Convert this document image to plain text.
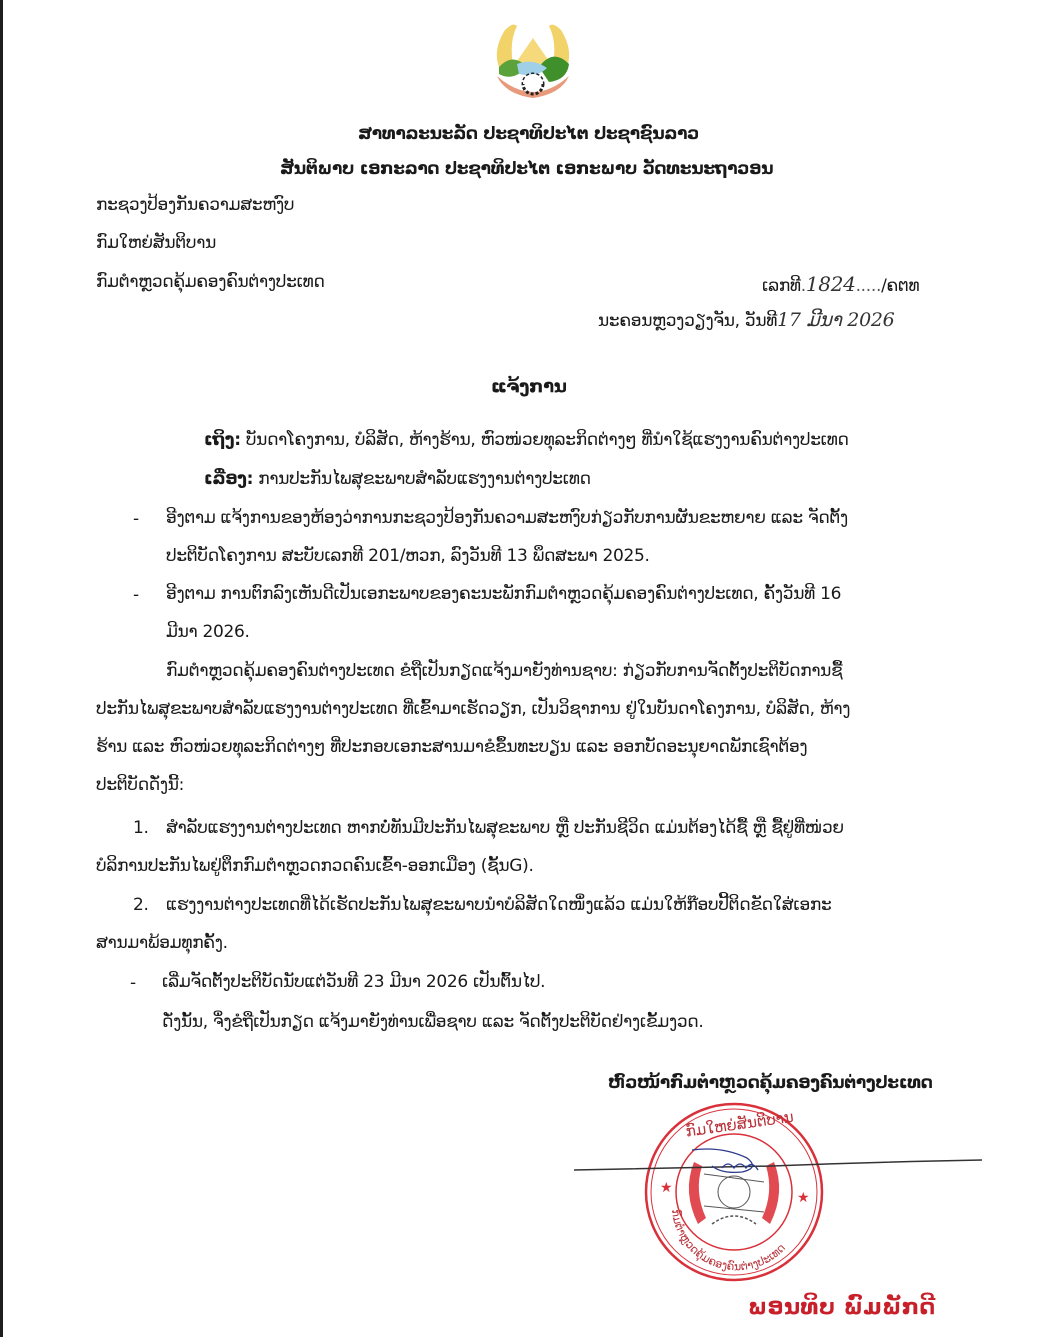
ສາທາລະນະລັດ ປະຊາທິປະໄຕ ປະຊາຊົນລາວ
ສັນຕິພາບ ເອກະລາດ ປະຊາທິປະໄຕ ເອກະພາບ ວັດທະນະຖາວອນ
ກະຊວງປ້ອງກັນຄວາມສະຫງົບ
ກົມໃຫຍ່ສັນຕິບານ
ກົມຕໍາຫຼວດຄຸ້ມຄອງຄົນຕ່າງປະເທດ	ເລກທີ.1824...../ຄຕທ
ນະຄອນຫຼວງວຽງຈັນ, ວັນທີ17 ມີນາ 2026
ແຈ້ງການ
ເຖິງ: ບັນດາໂຄງການ, ບໍລິສັດ, ຫ້າງຮ້ານ, ຫົວໜ່ວຍທຸລະກິດຕ່າງໆ ທີ່ນໍາໃຊ້ແຮງງານຄົນຕ່າງປະເທດ
ເລື່ອງ: ການປະກັນໄພສຸຂະພາບສໍາລັບແຮງງານຕ່າງປະເທດ
- ອີງຕາມ ແຈ້ງການຂອງຫ້ອງວ່າການກະຊວງປ້ອງກັນຄວາມສະຫງົບກ່ຽວກັບການຜັນຂະຫຍາຍ ແລະ ຈັດຕັ້ງ
ປະຕິບັດໂຄງການ ສະບັບເລກທີ 201/ຫວກ, ລົງວັນທີ 13 ພຶດສະພາ 2025.
- ອີງຕາມ ການຕົກລົງເຫັນດີເປັນເອກະພາບຂອງຄະນະພັກກົມຕໍາຫຼວດຄຸ້ມຄອງຄົນຕ່າງປະເທດ, ຄັ້ງວັນທີ 16
ມີນາ 2026.
ກົມຕໍາຫຼວດຄຸ້ມຄອງຄົນຕ່າງປະເທດ ຂໍຖືເປັນກຽດແຈ້ງມາຍັງທ່ານຊາບ: ກ່ຽວກັບການຈັດຕັ້ງປະຕິບັດການຊື້
ປະກັນໄພສຸຂະພາບສໍາລັບແຮງງານຕ່າງປະເທດ ທີ່ເຂົ້າມາເຮັດວຽກ, ເປັນວິຊາການ ຢູ່ໃນບັນດາໂຄງການ, ບໍລິສັດ, ຫ້າງ
ຮ້ານ ແລະ ຫົວໜ່ວຍທຸລະກິດຕ່າງໆ ທີ່ປະກອບເອກະສານມາຂໍຂຶ້ນທະບຽນ ແລະ ອອກບັດອະນຸຍາດພັກເຊົາຕ້ອງ
ປະຕິບັດດັ່ງນີ້:
1. ສໍາລັບແຮງງານຕ່າງປະເທດ ຫາກບໍ່ທັນມີປະກັນໄພສຸຂະພາບ ຫຼື ປະກັນຊີວິດ ແມ່ນຕ້ອງໄດ້ຊື້ ຫຼື ຊື້ຢູ່ທີ່ໜ່ວຍ
ບໍລິການປະກັນໄພຢູ່ຕຶກກົມຕໍາຫຼວດກວດຄົນເຂົ້າ-ອອກເມືອງ (ຊັ້ນG).
2. ແຮງງານຕ່າງປະເທດທີ່ໄດ້ເຮັດປະກັນໄພສຸຂະພາບນໍາບໍລິສັດໃດໜຶ່ງແລ້ວ ແມ່ນໃຫ້ກ໊ອບປີ້ຕິດຂັດໃສ່ເອກະ
ສານມາພ້ອມທຸກຄັ້ງ.
- ເລີ່ມຈັດຕັ້ງປະຕິບັດນັບແຕ່ວັນທີ 23 ມີນາ 2026 ເປັນຕົ້ນໄປ.
ດັ່ງນັ້ນ, ຈຶ່ງຂໍຖືເປັນກຽດ ແຈ້ງມາຍັງທ່ານເພື່ອຊາບ ແລະ ຈັດຕັ້ງປະຕິບັດຢ່າງເຂັ້ມງວດ.
ຫົວໜ້າກົມຕໍາຫຼວດຄຸ້ມຄອງຄົນຕ່າງປະເທດ
★
★
ກົມໃຫຍ່ສັນຕິບານ
ກົມຕໍາຫຼວດຄຸ້ມຄອງຄົນຕ່າງປະເທດ
ພອນທິບ ພົມພັກດີ
